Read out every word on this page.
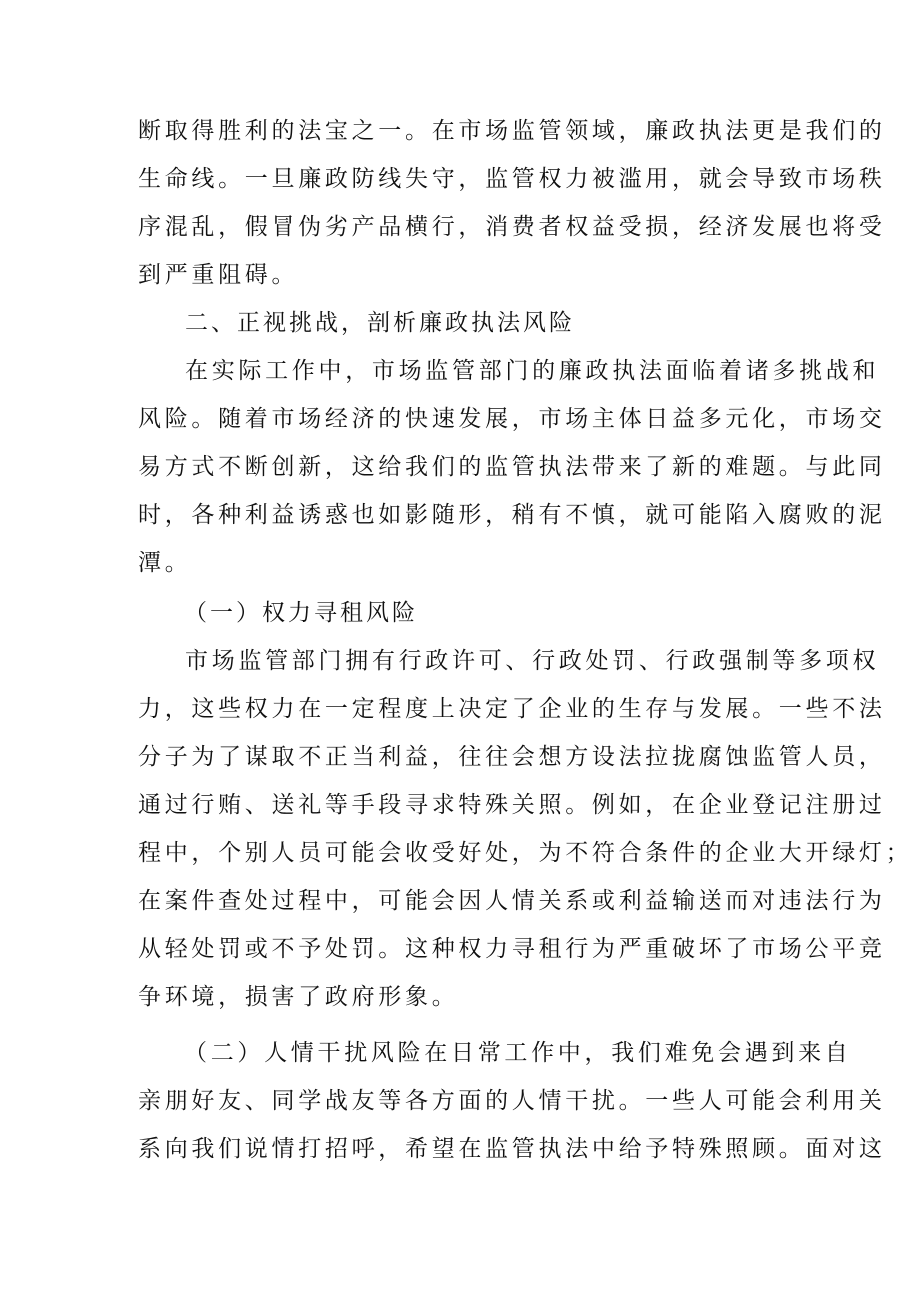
断取得胜利的法宝之一。在市场监管领域，廉政执法更是我们的
生命线。一旦廉政防线失守，监管权力被滥用，就会导致市场秩
序混乱，假冒伪劣产品横行，消费者权益受损，经济发展也将受
到严重阻碍。
二、正视挑战，剖析廉政执法风险
在实际工作中，市场监管部门的廉政执法面临着诸多挑战和
风险。随着市场经济的快速发展，市场主体日益多元化，市场交
易方式不断创新，这给我们的监管执法带来了新的难题。与此同
时，各种利益诱惑也如影随形，稍有不慎，就可能陷入腐败的泥
潭。
（一）权力寻租风险
市场监管部门拥有行政许可、行政处罚、行政强制等多项权
力，这些权力在一定程度上决定了企业的生存与发展。一些不法
分子为了谋取不正当利益，往往会想方设法拉拢腐蚀监管人员，
通过行贿、送礼等手段寻求特殊关照。例如，在企业登记注册过
程中，个别人员可能会收受好处，为不符合条件的企业大开绿灯；
在案件查处过程中，可能会因人情关系或利益输送而对违法行为
从轻处罚或不予处罚。这种权力寻租行为严重破坏了市场公平竞
争环境，损害了政府形象。
（二）人情干扰风险在日常工作中，我们难免会遇到来自
亲朋好友、同学战友等各方面的人情干扰。一些人可能会利用关
系向我们说情打招呼，希望在监管执法中给予特殊照顾。面对这
